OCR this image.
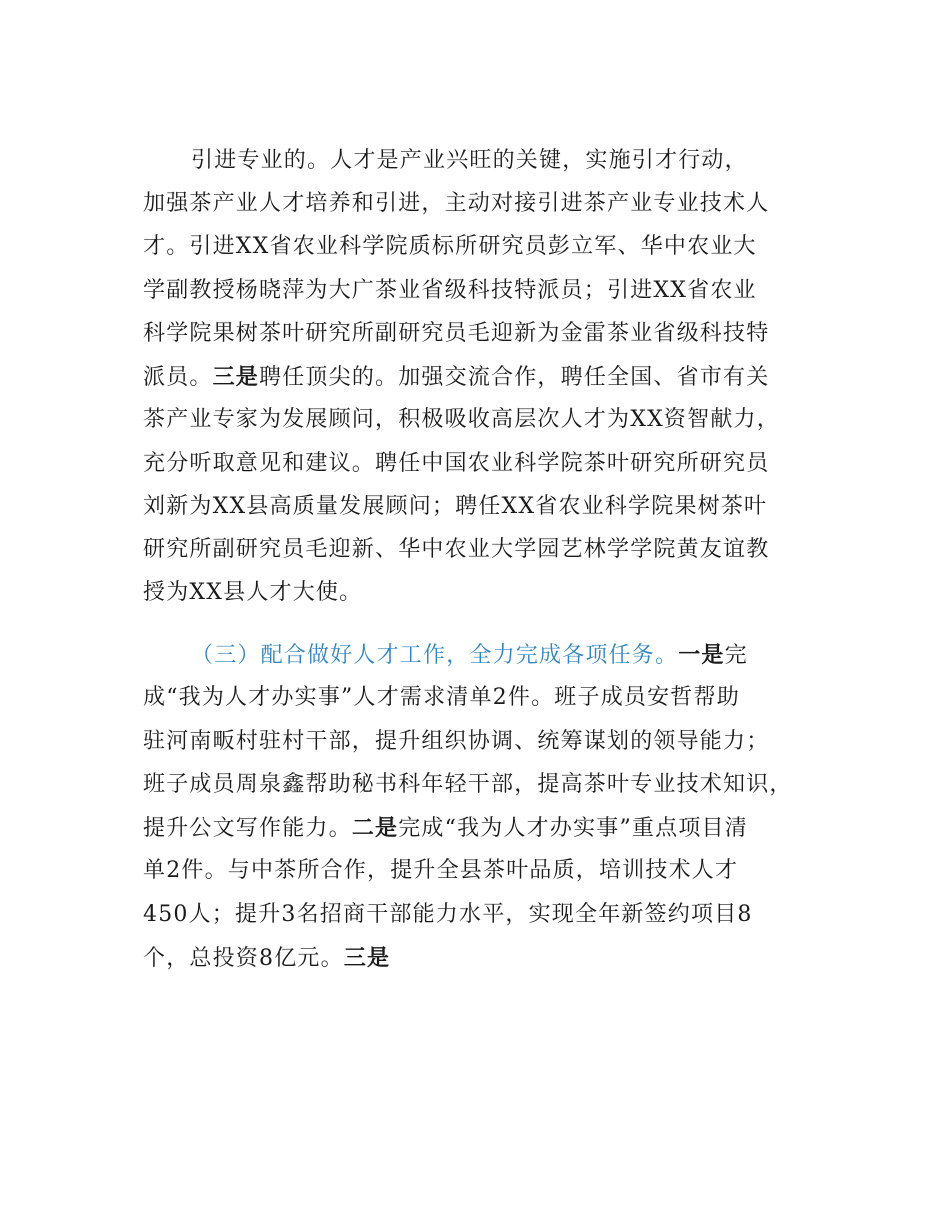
引进专业的。人才是产业兴旺的关键，实施引才行动，
加强茶产业人才培养和引进，主动对接引进茶产业专业技术人
才。引进XX省农业科学院质标所研究员彭立军、华中农业大
学副教授杨晓萍为大广茶业省级科技特派员；引进XX省农业
科学院果树茶叶研究所副研究员毛迎新为金雷茶业省级科技特
派员。三是聘任顶尖的。加强交流合作，聘任全国、省市有关
茶产业专家为发展顾问，积极吸收高层次人才为XX资智献力，
充分听取意见和建议。聘任中国农业科学院茶叶研究所研究员
刘新为XX县高质量发展顾问；聘任XX省农业科学院果树茶叶
研究所副研究员毛迎新、华中农业大学园艺林学学院黄友谊教
授为XX县人才大使。
（三）配合做好人才工作，全力完成各项任务。一是完
成“我为人才办实事”人才需求清单2件。班子成员安哲帮助
驻河南畈村驻村干部，提升组织协调、统筹谋划的领导能力；
班子成员周泉鑫帮助秘书科年轻干部，提高茶叶专业技术知识，
提升公文写作能力。二是完成“我为人才办实事”重点项目清
单2件。与中茶所合作，提升全县茶叶品质，培训技术人才
450人；提升3名招商干部能力水平，实现全年新签约项目8
个，总投资8亿元。三是
